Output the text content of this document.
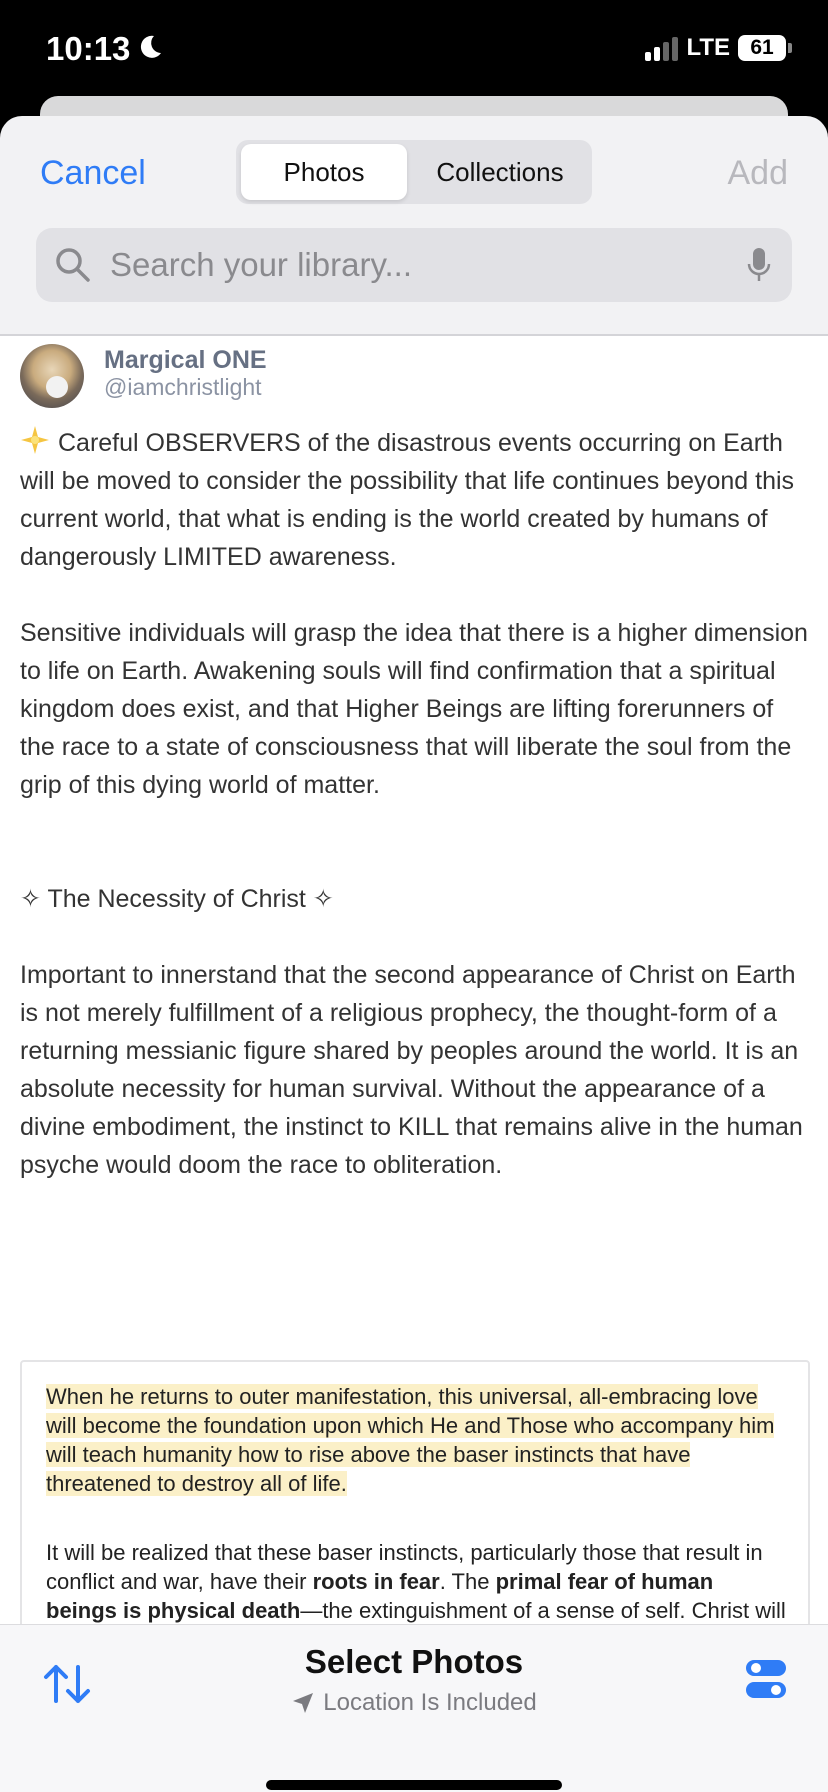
10:13	LTE 61
Cancel	Photos	Collections	Add
Search your library...
Margical ONE
@iamchristlight
Careful OBSERVERS of the disastrous events occurring on Earth will be moved to consider the possibility that life continues beyond this current world, that what is ending is the world created by humans of dangerously LIMITED awareness.
Sensitive individuals will grasp the idea that there is a higher dimension to life on Earth. Awakening souls will find confirmation that a spiritual kingdom does exist, and that Higher Beings are lifting forerunners of the race to a state of consciousness that will liberate the soul from the grip of this dying world of matter.
✧ The Necessity of Christ ✧
Important to innerstand that the second appearance of Christ on Earth is not merely fulfillment of a religious prophecy, the thought-form of a returning messianic figure shared by peoples around the world. It is an absolute necessity for human survival. Without the appearance of a divine embodiment, the instinct to KILL that remains alive in the human psyche would doom the race to obliteration.
When he returns to outer manifestation, this universal, all-embracing love will become the foundation upon which He and Those who accompany him will teach humanity how to rise above the baser instincts that have threatened to destroy all of life.
It will be realized that these baser instincts, particularly those that result in conflict and war, have their roots in fear. The primal fear of human beings is physical death—the extinguishment of a sense of self. Christ will
Select Photos
Location Is Included
